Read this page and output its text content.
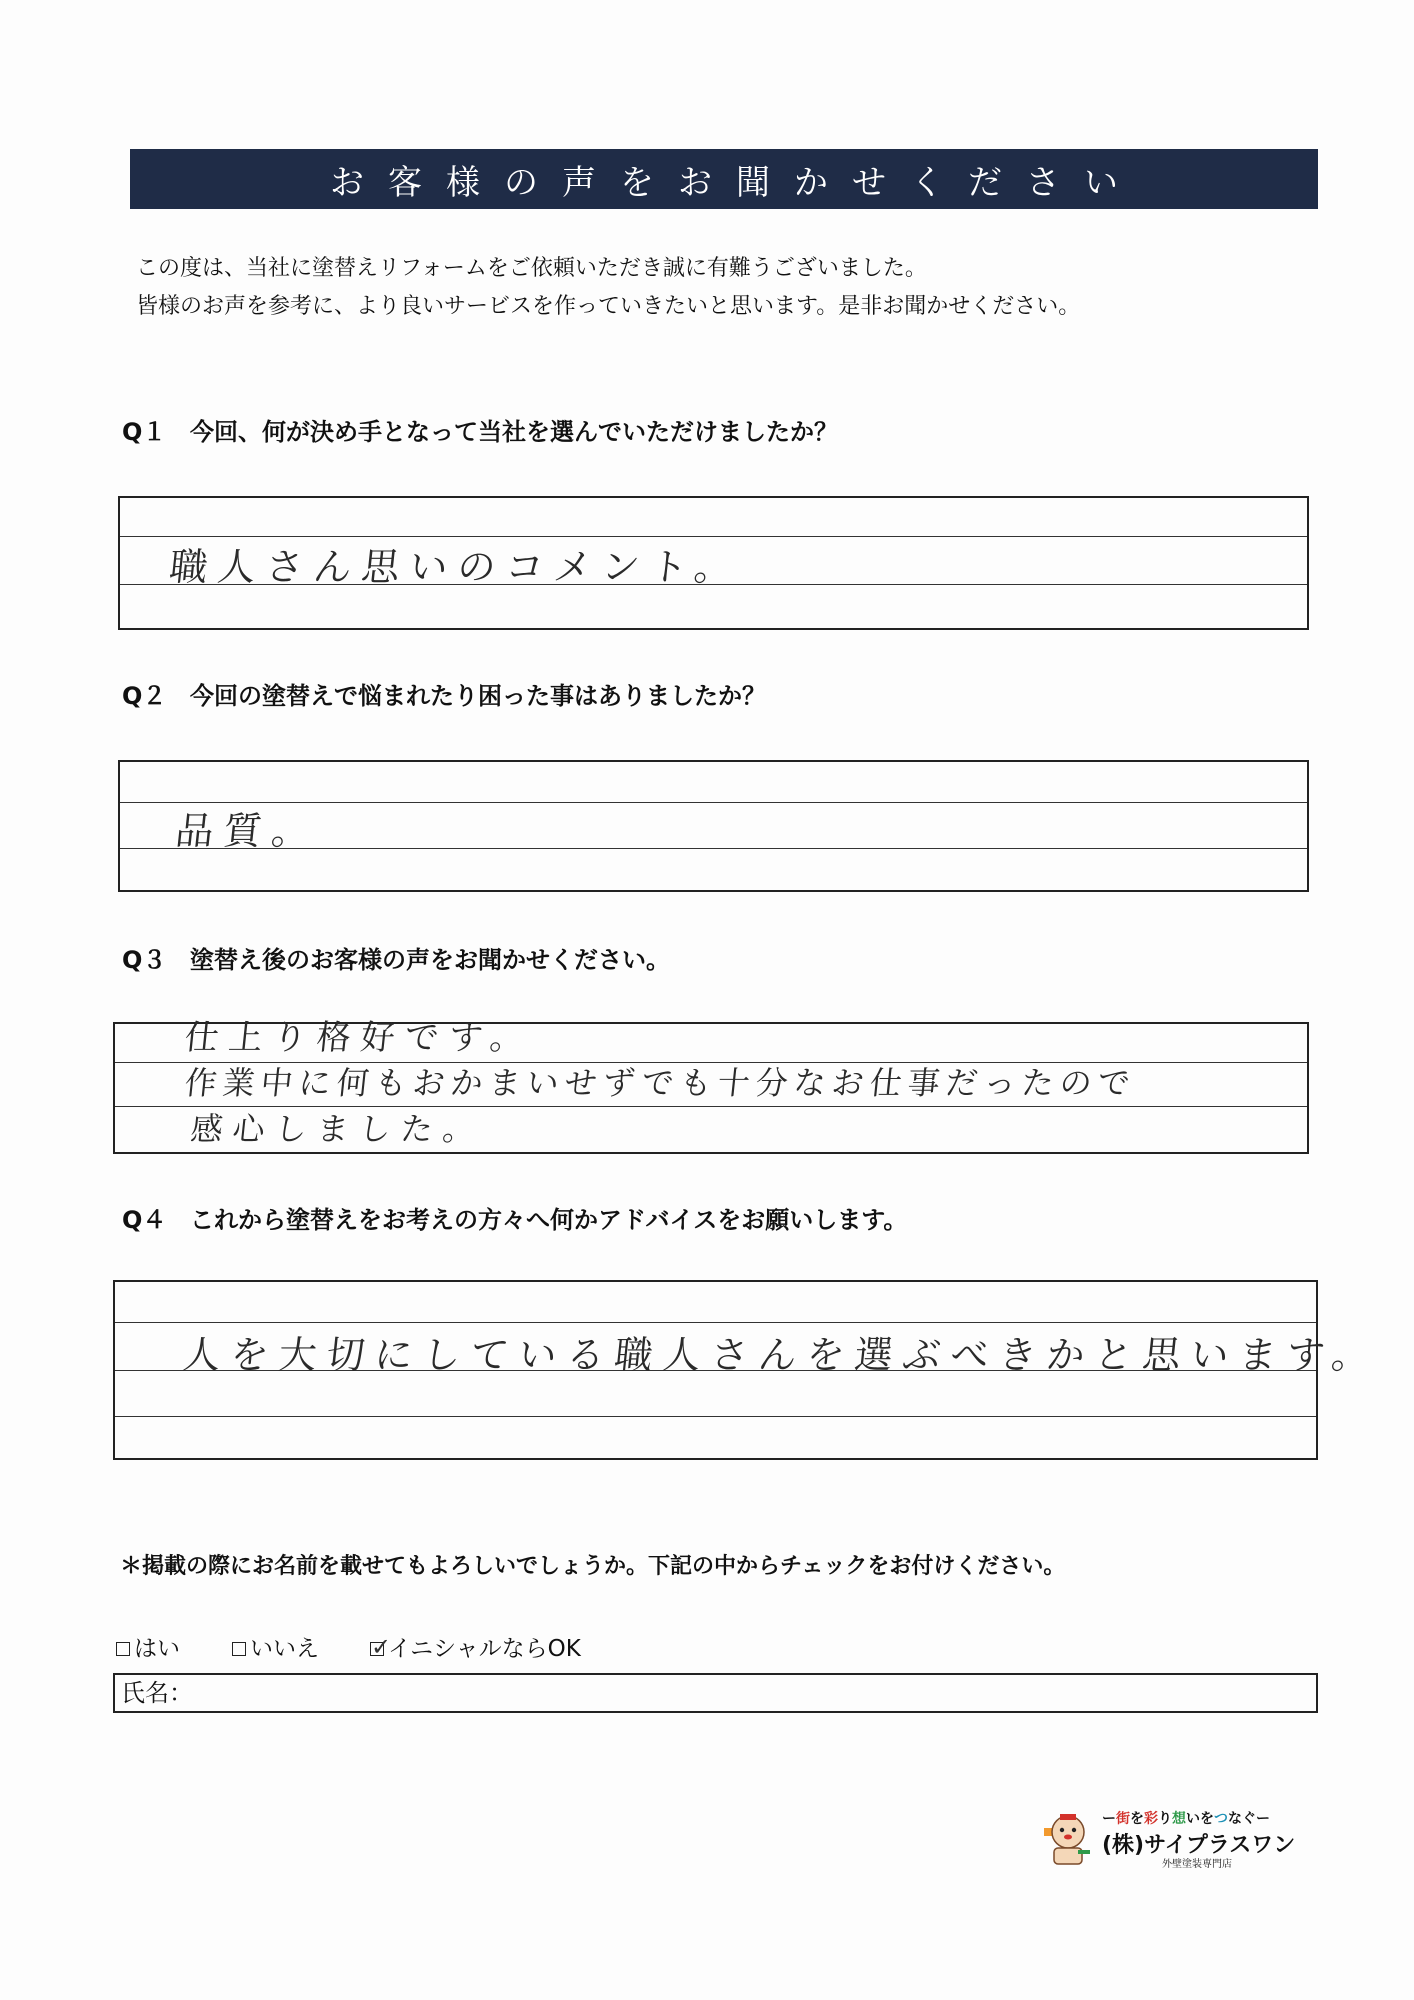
お客様の声をお聞かせください
この度は、当社に塗替えリフォームをご依頼いただき誠に有難うございました。
皆様のお声を参考に、より良いサービスを作っていきたいと思います。是非お聞かせください。
Q１ 今回、何が決め手となって当社を選んでいただけましたか？
職人さん思いのコメント。
Q２ 今回の塗替えで悩まれたり困った事はありましたか？
品質。
Q３ 塗替え後のお客様の声をお聞かせください。
仕上り格好です。
作業中に何もおかまいせずでも十分なお仕事だったので
感心しました。
Q４ これから塗替えをお考えの方々へ何かアドバイスをお願いします。
人を大切にしている職人さんを選ぶべきかと思います。
＊掲載の際にお名前を載せてもよろしいでしょうか。下記の中からチェックをお付けください。
はい	いいえ ✓
イニシャルならOK
氏名：
ー街を彩り想いをつなぐー
(株)サイプラスワン
外壁塗装専門店
